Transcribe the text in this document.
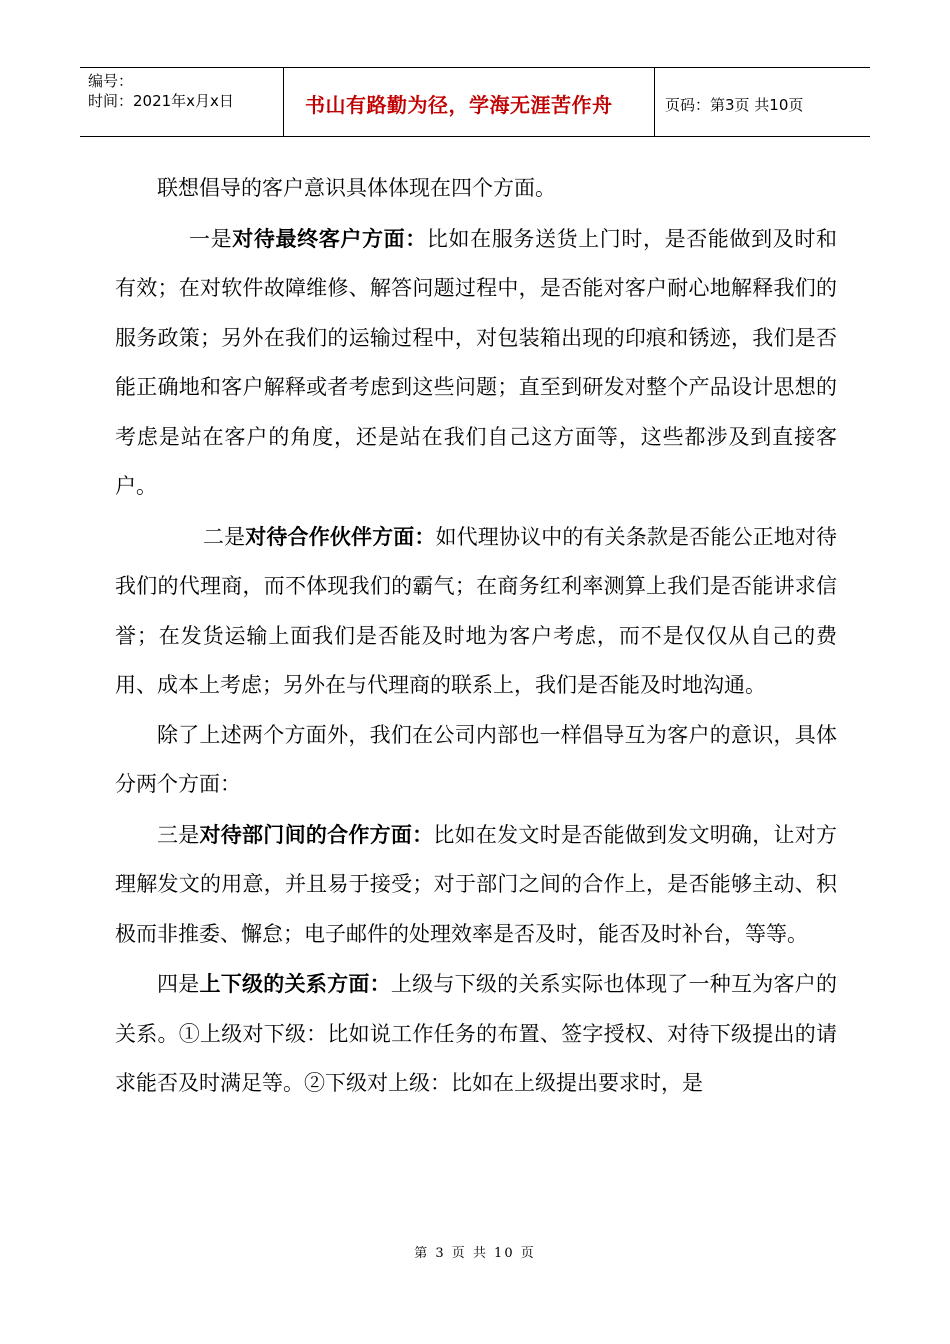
编号：
时间：2021年x月x日	书山有路勤为径，学海无涯苦作舟	页码：第3页 共10页

联想倡导的客户意识具体体现在四个方面。

一是对待最终客户方面：比如在服务送货上门时，是否能做到及时和有效；在对软件故障维修、解答问题过程中，是否能对客户耐心地解释我们的服务政策；另外在我们的运输过程中，对包装箱出现的印痕和锈迹，我们是否能正确地和客户解释或者考虑到这些问题；直至到研发对整个产品设计思想的考虑是站在客户的角度，还是站在我们自己这方面等，这些都涉及到直接客户。

二是对待合作伙伴方面：如代理协议中的有关条款是否能公正地对待我们的代理商，而不体现我们的霸气；在商务红利率测算上我们是否能讲求信誉；在发货运输上面我们是否能及时地为客户考虑，而不是仅仅从自己的费用、成本上考虑；另外在与代理商的联系上，我们是否能及时地沟通。

除了上述两个方面外，我们在公司内部也一样倡导互为客户的意识，具体分两个方面：

三是对待部门间的合作方面：比如在发文时是否能做到发文明确，让对方理解发文的用意，并且易于接受；对于部门之间的合作上，是否能够主动、积极而非推委、懈怠；电子邮件的处理效率是否及时，能否及时补台，等等。

四是上下级的关系方面：上级与下级的关系实际也体现了一种互为客户的关系。①上级对下级：比如说工作任务的布置、签字授权、对待下级提出的请求能否及时满足等。②下级对上级：比如在上级提出要求时，是

第 3 页 共 10 页
